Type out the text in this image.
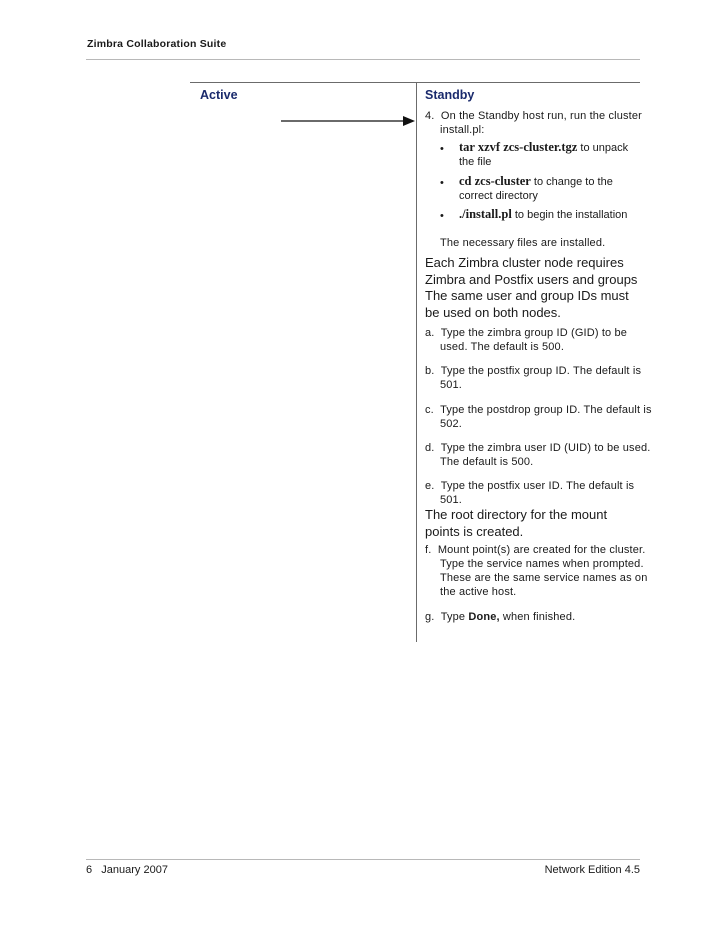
Zimbra Collaboration Suite
Active	Standby
4. On the Standby host run, run the cluster install.pl:
• tar xzvf zcs-cluster.tgz to unpack the file
• cd zcs-cluster to change to the correct directory
• ./install.pl to begin the installation
The necessary files are installed.
Each Zimbra cluster node requires Zimbra and Postfix users and groups The same user and group IDs must be used on both nodes.
a. Type the zimbra group ID (GID) to be used. The default is 500.
b. Type the postfix group ID. The default is 501.
c. Type the postdrop group ID. The default is 502.
d. Type the zimbra user ID (UID) to be used. The default is 500.
e. Type the postfix user ID. The default is 501.
The root directory for the mount points is created.
f. Mount point(s) are created for the cluster. Type the service names when prompted. These are the same service names as on the active host.
g. Type Done, when finished.
6 January 2007	Network Edition 4.5
